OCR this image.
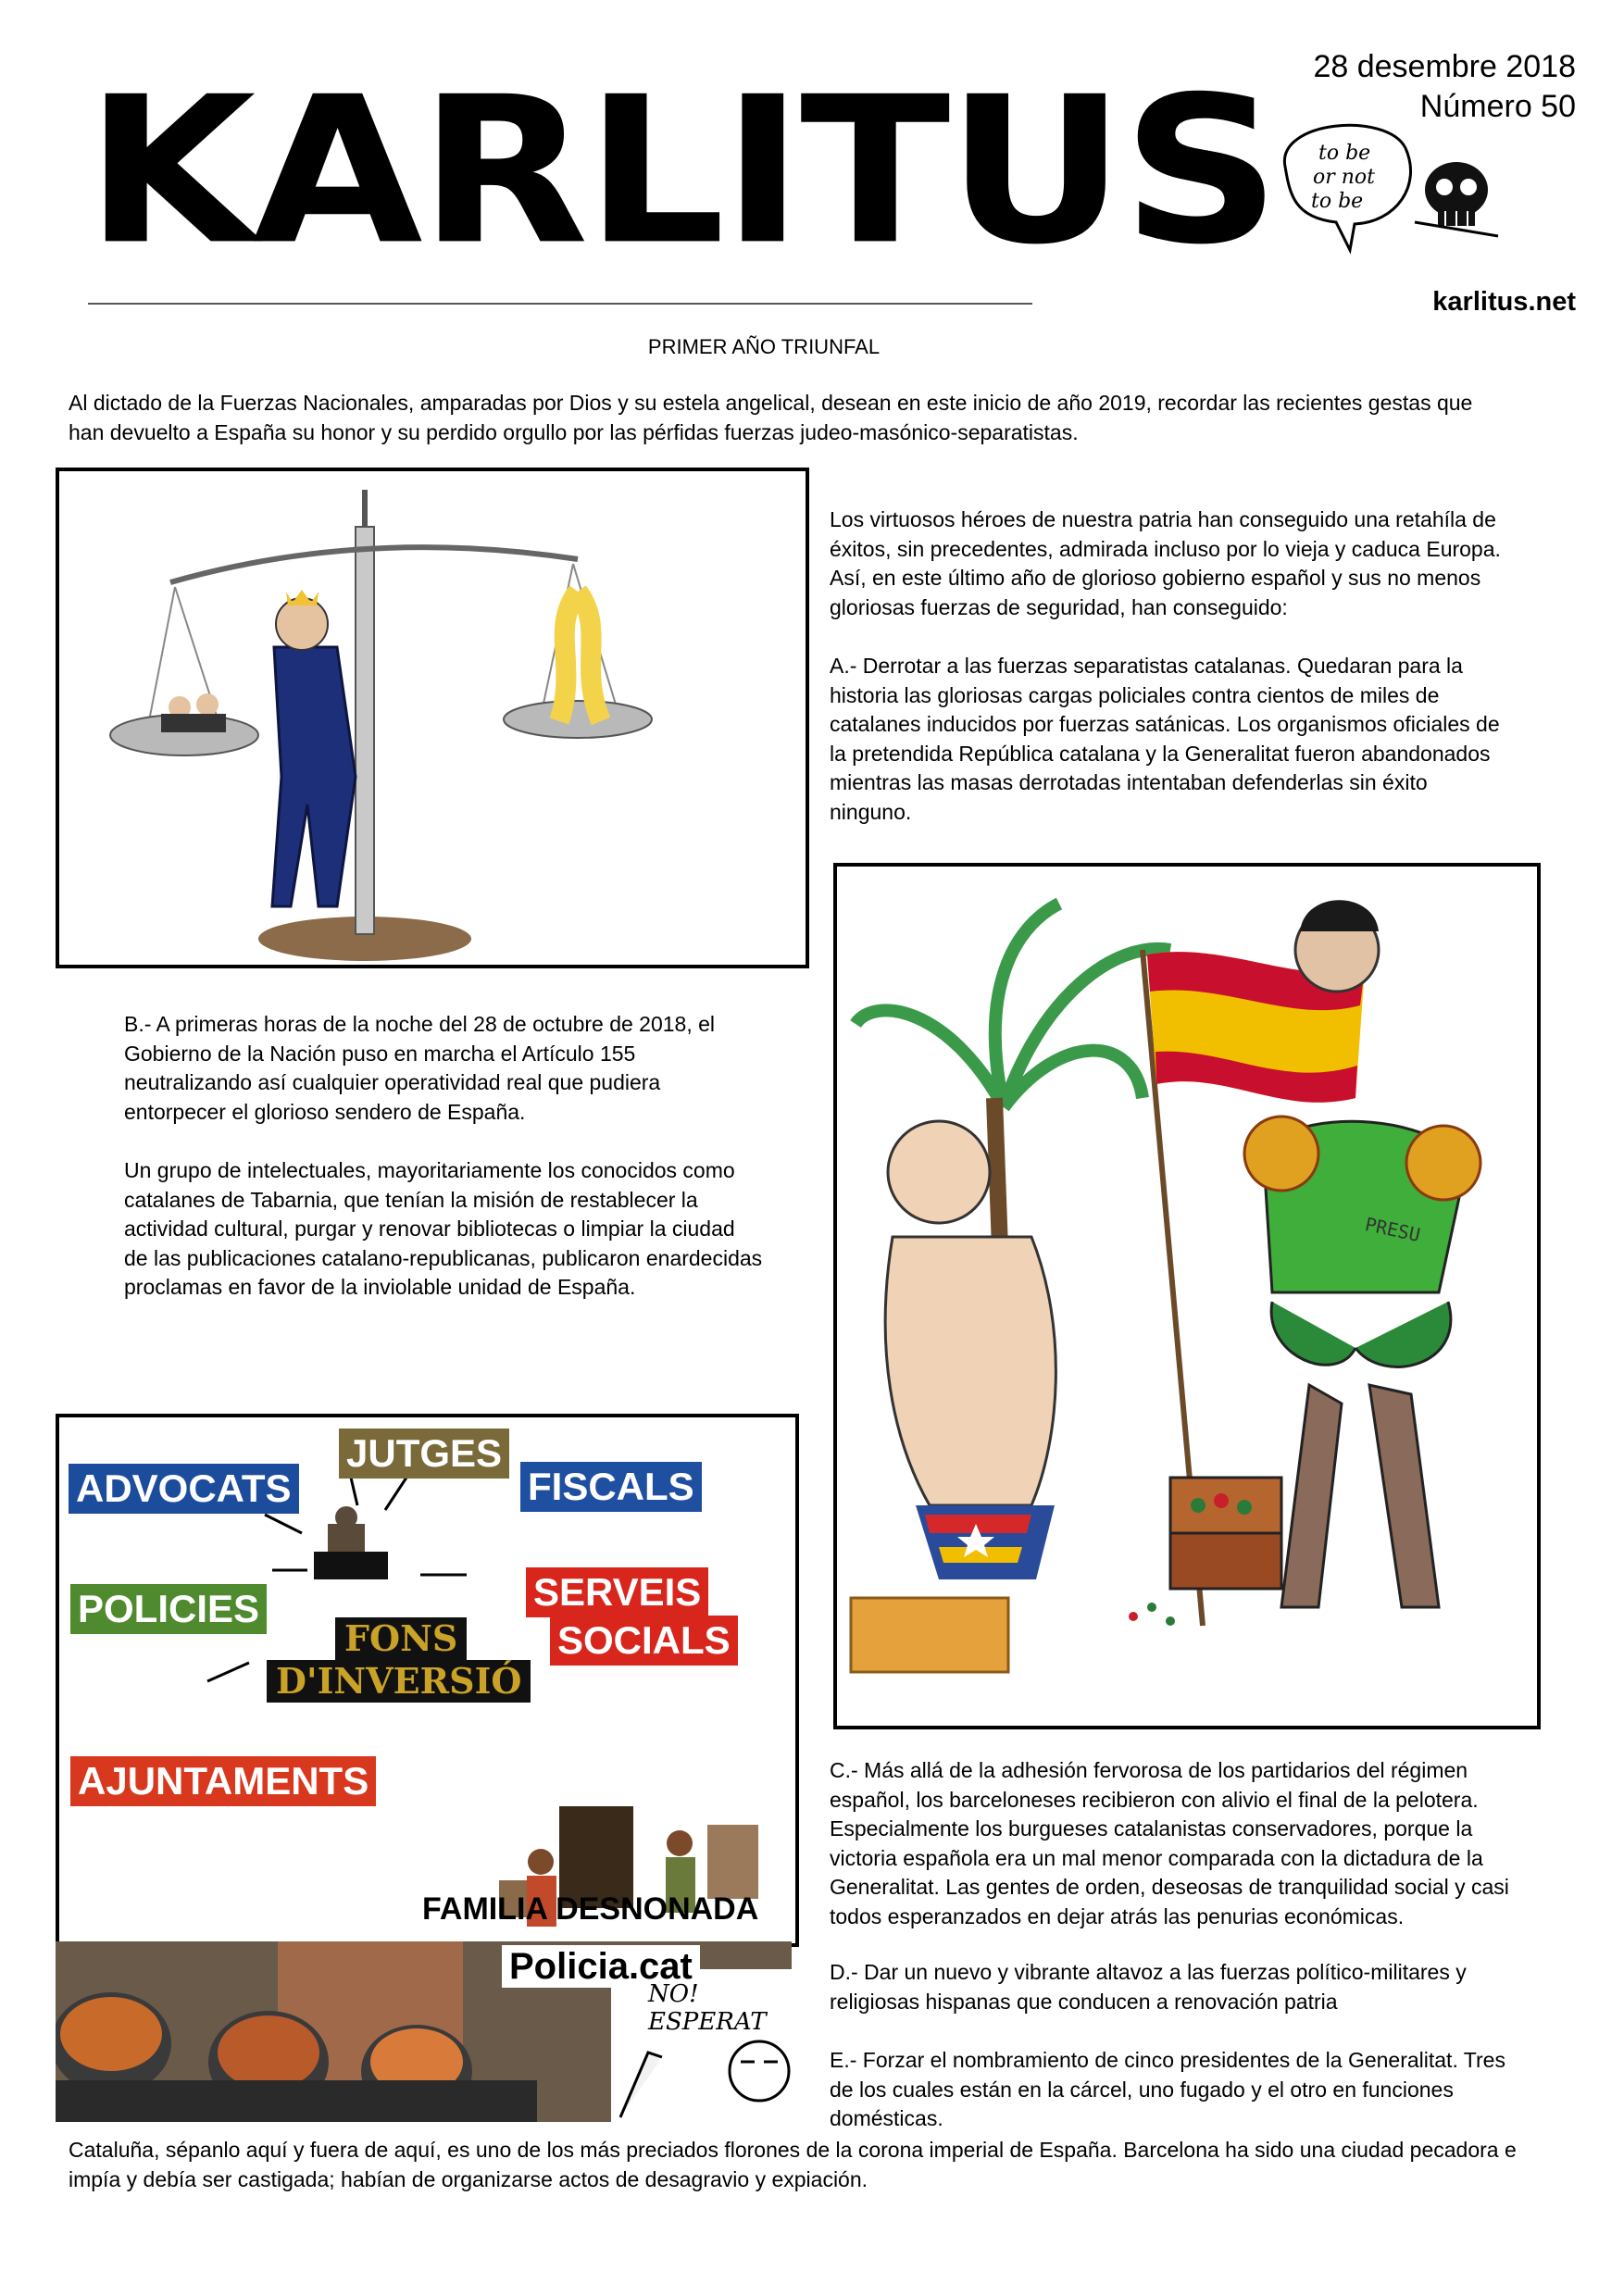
KARLITUS 28 desembre 2018
Número 50
to be
or not
to be
karlitus.net
PRIMER AÑO TRIUNFAL
Al dictado de la Fuerzas Nacionales, amparadas por Dios y su estela angelical, desean en este inicio de año 2019, recordar las recientes gestas que han devuelto a España su honor y su perdido orgullo por las pérfidas fuerzas judeo-masónico-separatistas.
Los virtuosos héroes de nuestra patria han conseguido una retahíla de éxitos, sin precedentes, admirada incluso por lo vieja y caduca Europa. Así, en este último año de glorioso gobierno español y sus no menos gloriosas fuerzas de seguridad, han conseguido:
A.- Derrotar a las fuerzas separatistas catalanas. Quedaran para la historia las gloriosas cargas policiales contra cientos de miles de catalanes inducidos por fuerzas satánicas. Los organismos oficiales de la pretendida República catalana y la Generalitat fueron abandonados mientras las masas derrotadas intentaban defenderlas sin éxito ninguno.
PRESU
B.- A primeras horas de la noche del 28 de octubre de 2018, el Gobierno de la Nación puso en marcha el Artículo 155 neutralizando así cualquier operatividad real que pudiera entorpecer el glorioso sendero de España.
Un grupo de intelectuales, mayoritariamente los conocidos como catalanes de Tabarnia, que tenían la misión de restablecer la actividad cultural, purgar y renovar bibliotecas o limpiar la ciudad de las publicaciones catalano-republicanas, publicaron enardecidas proclamas en favor de la inviolable unidad de España.
ADVOCATS
JUTGES
FISCALS
POLICIES	SERVEIS
SOCIALS
FONS
D'INVERSIÓ
AJUNTAMENTS
FAMILIA DESNONADA
Policia.cat
NO!
ESPERAT
C.- Más allá de la adhesión fervorosa de los partidarios del régimen español, los barceloneses recibieron con alivio el final de la pelotera. Especialmente los burgueses catalanistas conservadores, porque la victoria española era un mal menor comparada con la dictadura de la Generalitat. Las gentes de orden, deseosas de tranquilidad social y casi todos esperanzados en dejar atrás las penurias económicas.
D.- Dar un nuevo y vibrante altavoz a las fuerzas político-militares y religiosas hispanas que conducen a renovación patria
E.- Forzar el nombramiento de cinco presidentes de la Generalitat. Tres de los cuales están en la cárcel, uno fugado y el otro en funciones domésticas.
Cataluña, sépanlo aquí y fuera de aquí, es uno de los más preciados florones de la corona imperial de España. Barcelona ha sido una ciudad pecadora e impía y debía ser castigada; habían de organizarse actos de desagravio y expiación.
